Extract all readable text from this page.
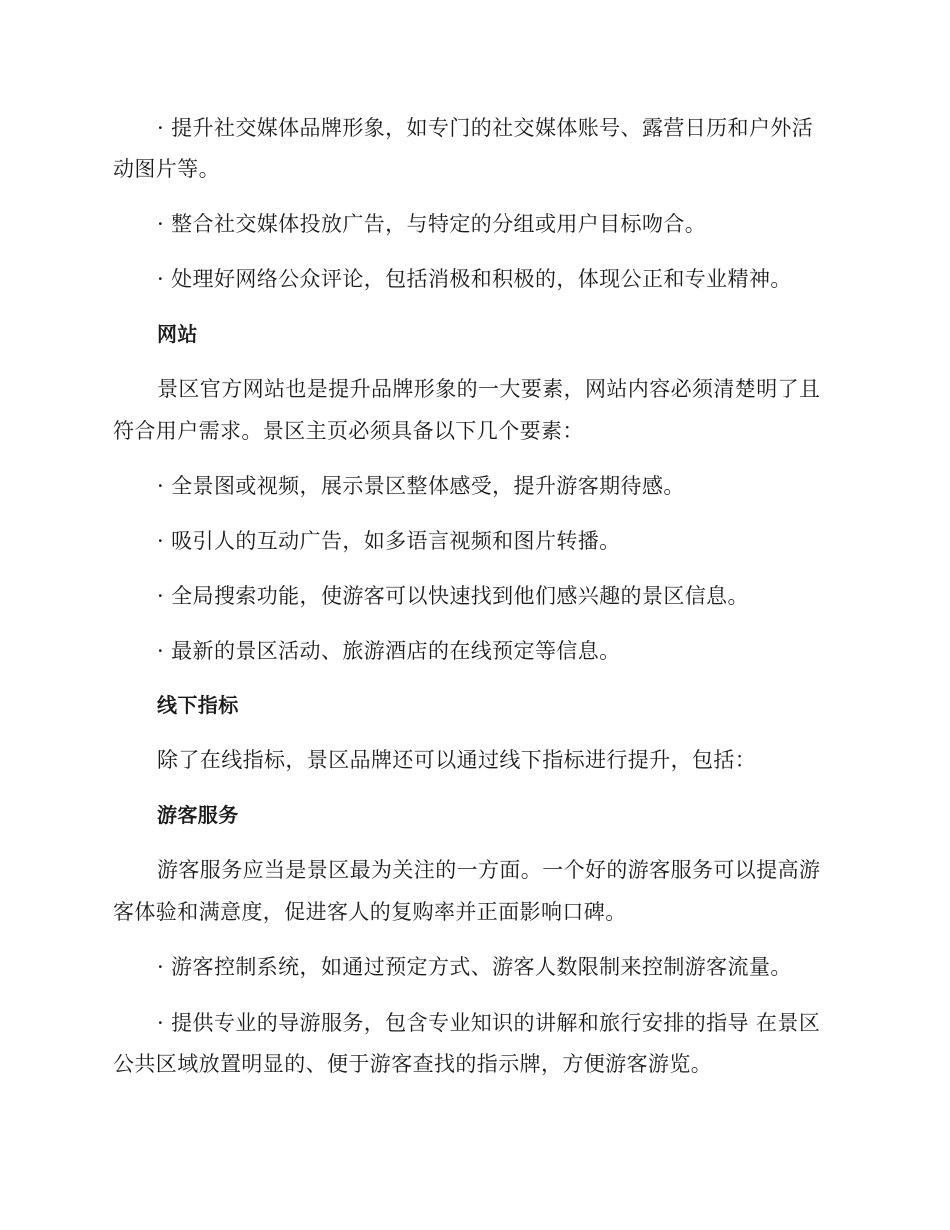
· 提升社交媒体品牌形象，如专门的社交媒体账号、露营日历和户外活
动图片等。
· 整合社交媒体投放广告，与特定的分组或用户目标吻合。
· 处理好网络公众评论，包括消极和积极的，体现公正和专业精神。
网站
景区官方网站也是提升品牌形象的一大要素，网站内容必须清楚明了且
符合用户需求。景区主页必须具备以下几个要素：
· 全景图或视频，展示景区整体感受，提升游客期待感。
· 吸引人的互动广告，如多语言视频和图片转播。
· 全局搜索功能，使游客可以快速找到他们感兴趣的景区信息。
· 最新的景区活动、旅游酒店的在线预定等信息。
线下指标
除了在线指标，景区品牌还可以通过线下指标进行提升，包括：
游客服务
游客服务应当是景区最为关注的一方面。一个好的游客服务可以提高游
客体验和满意度，促进客人的复购率并正面影响口碑。
· 游客控制系统，如通过预定方式、游客人数限制来控制游客流量。
· 提供专业的导游服务，包含专业知识的讲解和旅行安排的指导 在景区
公共区域放置明显的、便于游客查找的指示牌，方便游客游览。
